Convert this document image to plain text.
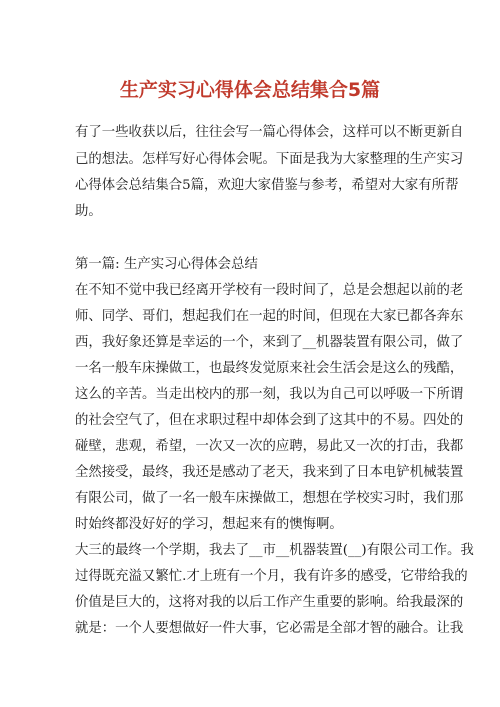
生产实习心得体会总结集合5篇
有了一些收获以后，往往会写一篇心得体会，这样可以不断更新自
己的想法。怎样写好心得体会呢。下面是我为大家整理的生产实习
心得体会总结集合5篇，欢迎大家借鉴与参考，希望对大家有所帮
助。
第一篇: 生产实习心得体会总结
在不知不觉中我已经离开学校有一段时间了，总是会想起以前的老
师、同学、哥们，想起我们在一起的时间，但现在大家已都各奔东
西，我好象还算是幸运的一个，来到了__机器装置有限公司，做了
一名一般车床操做工，也最终发觉原来社会生活会是这么的残酷，
这么的辛苦。当走出校内的那一刻，我以为自己可以呼吸一下所谓
的社会空气了，但在求职过程中却体会到了这其中的不易。四处的
碰壁，悲观，希望，一次又一次的应聘，易此又一次的打击，我都
全然接受，最终，我还是感动了老天，我来到了日本电铲机械装置
有限公司，做了一名一般车床操做工，想想在学校实习时，我们那
时始终都没好好的学习，想起来有的懊悔啊。
大三的最终一个学期，我去了__市__机器装置(__)有限公司工作。我
过得既充溢又繁忙.才上班有一个月，我有许多的感受，它带给我的
价值是巨大的，这将对我的以后工作产生重要的影响。给我最深的
就是：一个人要想做好一件大事，它必需是全部才智的融合。让我
